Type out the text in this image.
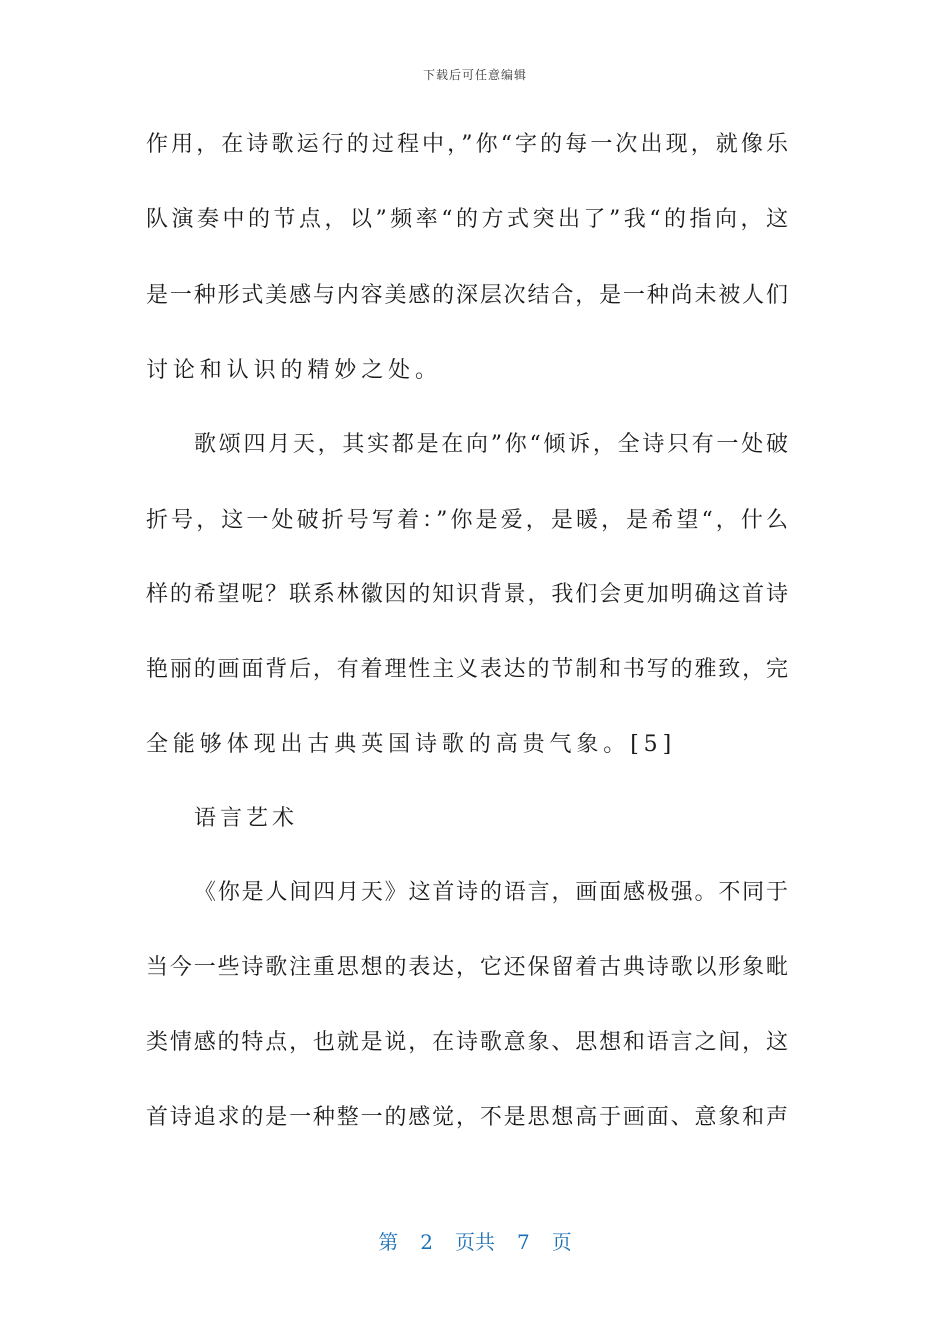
下载后可任意编辑
作用，在诗歌运行的过程中，”你“字的每一次出现，就像乐
队演奏中的节点，以”频率“的方式突出了”我“的指向，这
是一种形式美感与内容美感的深层次结合，是一种尚未被人们
讨论和认识的精妙之处。
歌颂四月天，其实都是在向”你“倾诉，全诗只有一处破
折号，这一处破折号写着：”你是爱，是暖，是希望“，什么
样的希望呢？联系林徽因的知识背景，我们会更加明确这首诗
艳丽的画面背后，有着理性主义表达的节制和书写的雅致，完
全能够体现出古典英国诗歌的高贵气象。[5]
语言艺术
《你是人间四月天》这首诗的语言，画面感极强。不同于
当今一些诗歌注重思想的表达，它还保留着古典诗歌以形象毗
类情感的特点，也就是说，在诗歌意象、思想和语言之间，这
首诗追求的是一种整一的感觉，不是思想高于画面、意象和声
第 2 页共 7 页
